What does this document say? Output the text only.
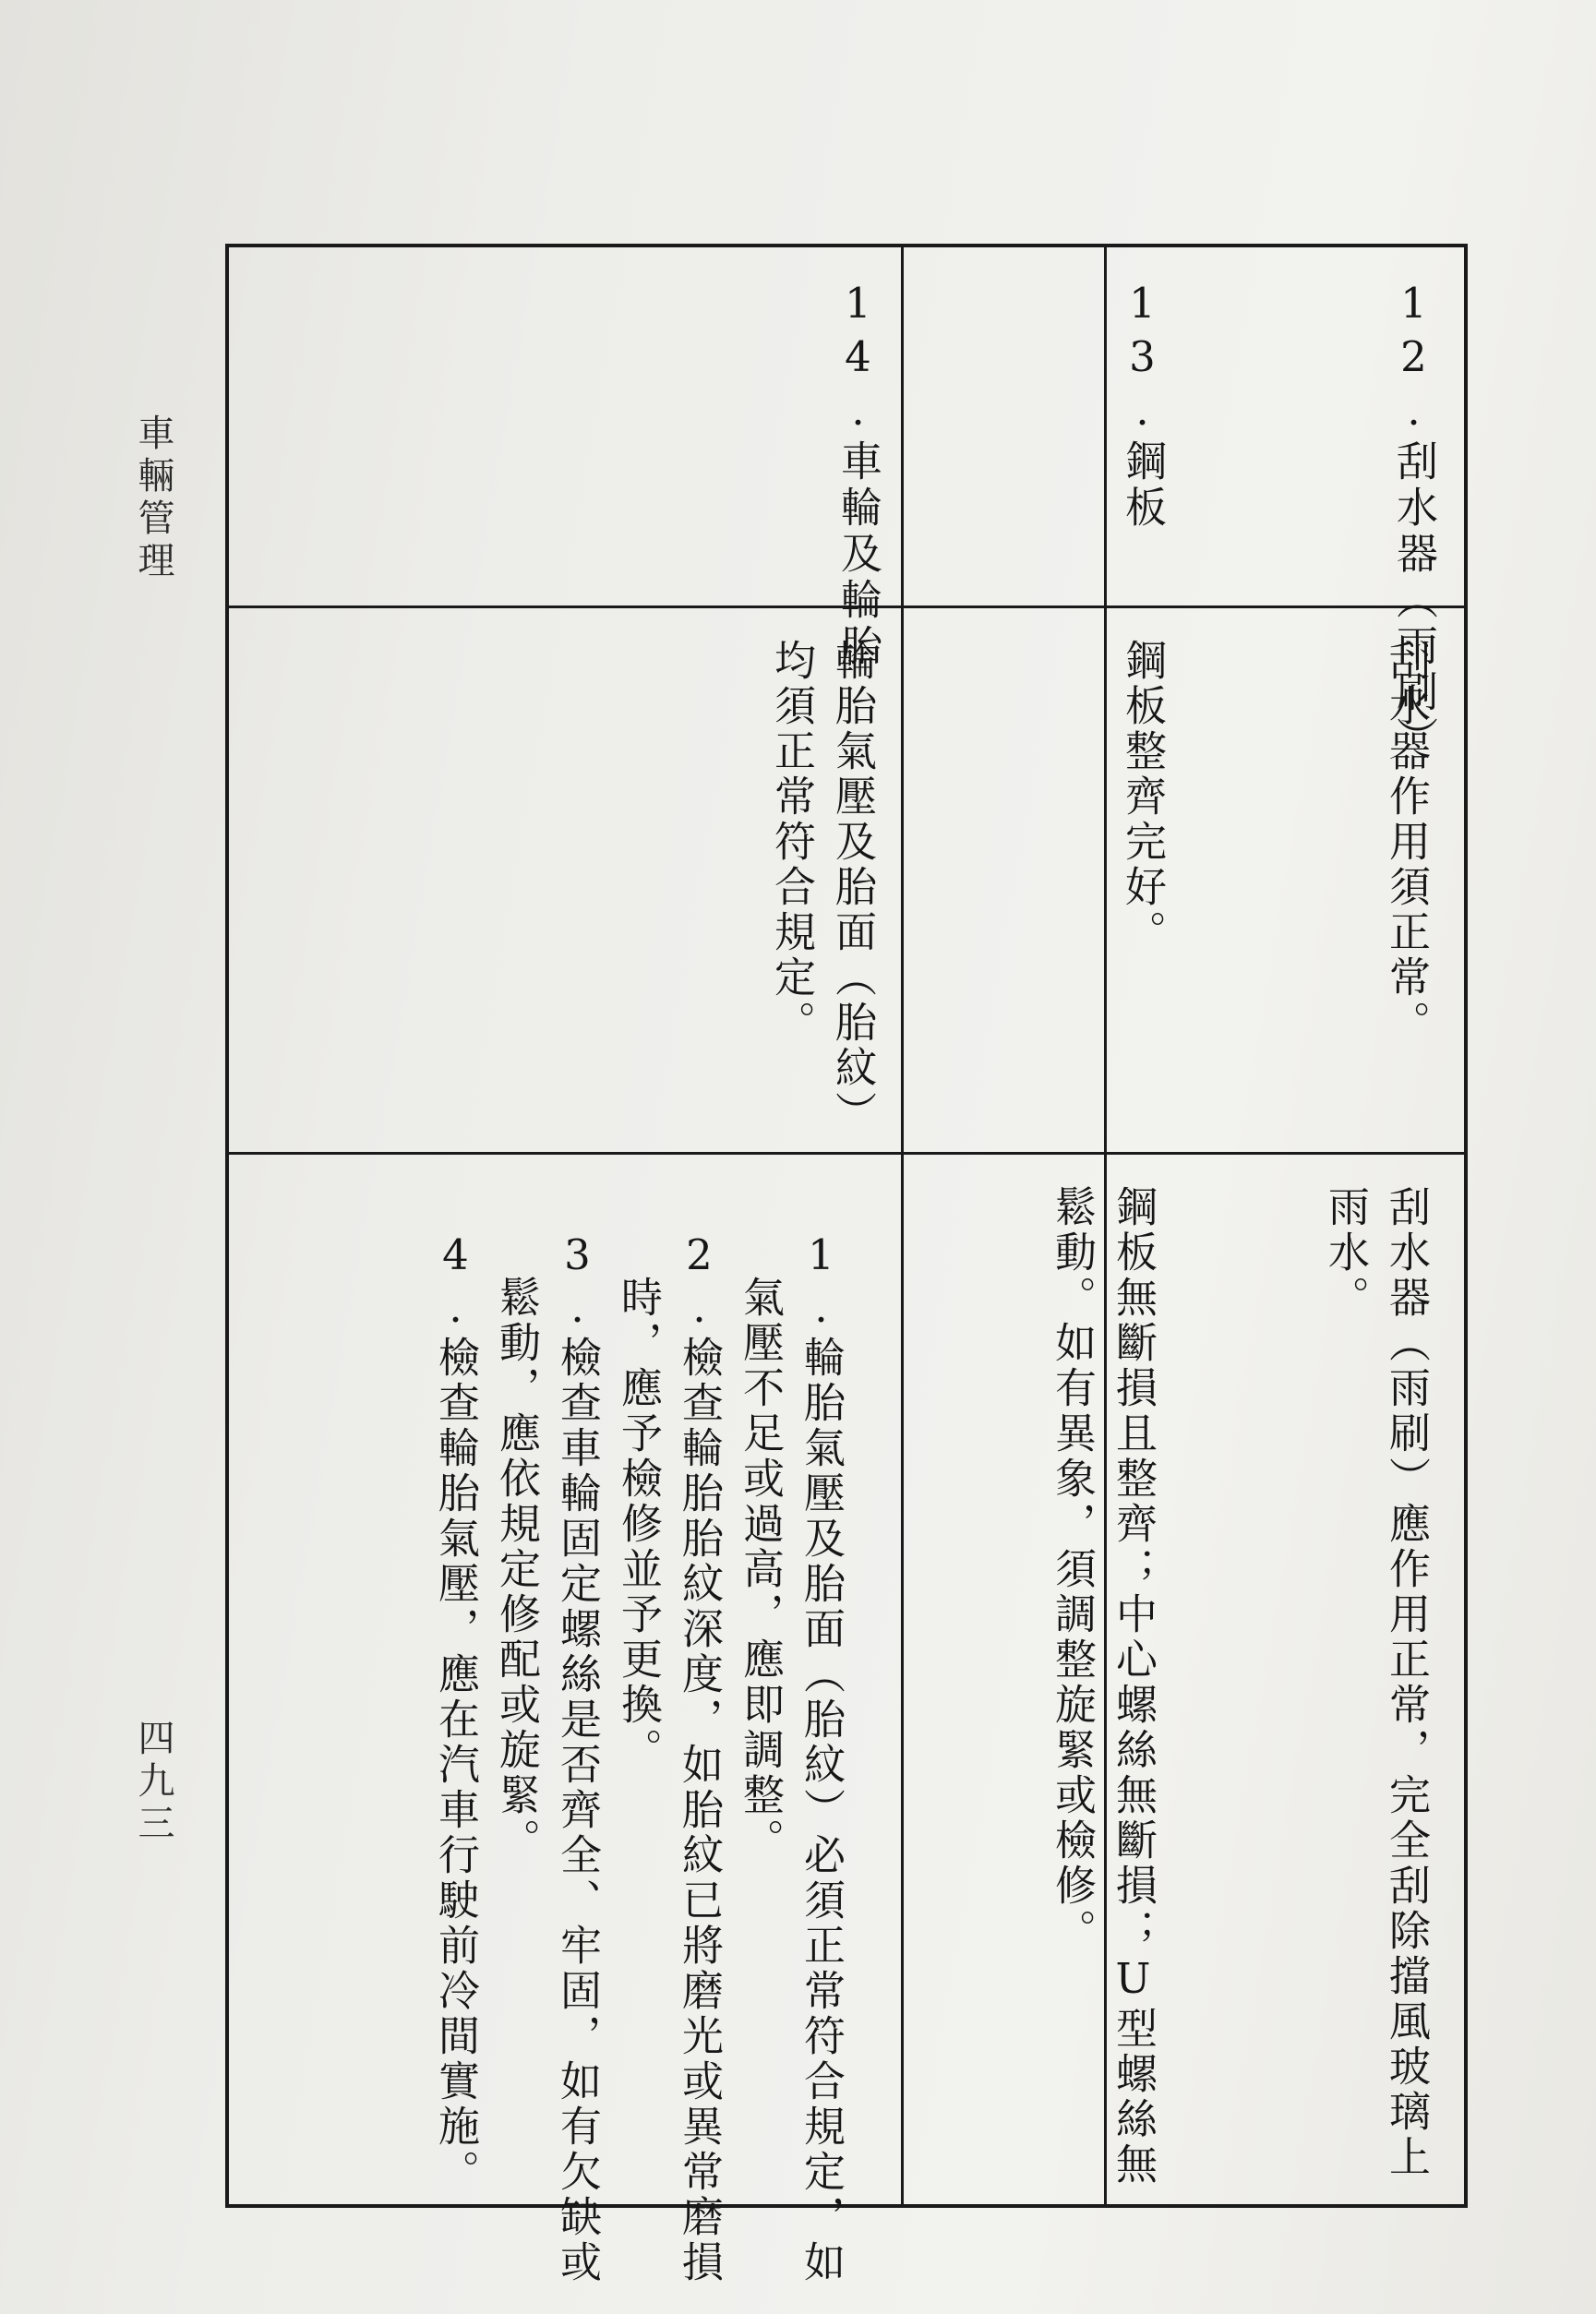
車輛管理
四九三
12.刮水器（雨刷）
刮水器作用須正常。
刮水器（雨刷）應作用正常，完全刮除擋風玻璃上
雨水。
13.鋼板
鋼板整齊完好。
鋼板無斷損且整齊；中心螺絲無斷損；U型螺絲無
鬆動。如有異象，須調整旋緊或檢修。
14.車輪及輪胎
輪胎氣壓及胎面（胎紋）
均須正常符合規定。
　1.輪胎氣壓及胎面（胎紋）必須正常符合規定，如
　　氣壓不足或過高，應即調整。
　2.檢查輪胎胎紋深度，如胎紋已將磨光或異常磨損
　　時，應予檢修並予更換。
　3.檢查車輪固定螺絲是否齊全、牢固，如有欠缺或
　　鬆動，應依規定修配或旋緊。
　4.檢查輪胎氣壓，應在汽車行駛前冷間實施。
